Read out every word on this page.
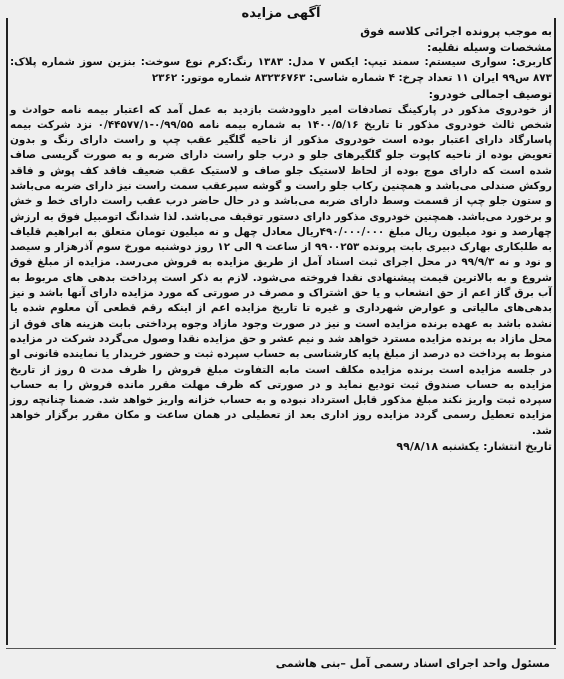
آگهی مزایده

به موجب پرونده اجرائی کلاسه فوق

مشخصات وسیله نقلیه:

کاربری: سواری سیستم: سمند تیپ: ایکس ۷ مدل: ۱۳۸۳ رنگ:کرم نوع سوخت: بنزین سوز شماره پلاک: ۸۷۳ س۹۹ ایران ۱۱ تعداد چرخ: ۴ شماره شاسی: ۸۳۲۳۶۷۶۳ شماره موتور: ۲۳۶۲

توصیف اجمالی خودرو:

از خودروی مذکور در پارکینگ تصادفات امیر داوودشت بازدید به عمل آمد که اعتبار بیمه نامه حوادث و شخص ثالث خودروی مذکور تا تاریخ ۱۴۰۰/۵/۱۶ به شماره بیمه نامه ۰/۹۹/۵۵-۰/۴۴۵۷۷/۱ نزد شرکت بیمه پاسارگاد دارای اعتبار بوده است خودروی مذکور از ناحیه گلگیر عقب چپ و راست دارای رنگ و بدون تعویض بوده از ناحیه کاپوت جلو گلگیرهای جلو و درب جلو راست دارای ضربه و به صورت گریسی صاف شده است که دارای موج بوده از لحاظ لاستیک جلو صاف و لاستیک عقب ضعیف فاقد کف پوش و فاقد روکش صندلی می‌باشد و همچنین رکاب جلو راست و گوشه سپرعقب سمت راست نیز دارای ضربه می‌باشد و ستون جلو چپ از قسمت وسط دارای ضربه می‌باشد و در حال حاضر درب عقب راست دارای خط و خش و برخورد می‌باشد. همچنین خودروی مذکور دارای دستور توقیف می‌باشد. لذا شدانگ اتومبیل فوق به ارزش چهارصد و نود میلیون ریال مبلغ ۴۹۰/۰۰۰/۰۰۰ریال معادل چهل و نه میلیون تومان متعلق به ابراهیم قلیاف به طلبکاری بهارک دبیری بابت پرونده ۹۹۰۰۲۵۳ از ساعت ۹ الی ۱۲ روز دوشنبه مورخ سوم آذرهزار و سیصد و نود و نه ۹۹/۹/۳ در محل اجرای ثبت اسناد آمل از طریق مزایده به فروش می‌رسد. مزایده از مبلغ فوق شروع و به بالاترین قیمت پیشنهادی نقدا فروخته می‌شود. لازم به ذکر است پرداخت بدهی های مربوط به آب برق گاز اعم از حق انشعاب و یا حق اشتراک و مصرف در صورتی که مورد مزایده دارای آنها باشد و نیز بدهی‌های مالیاتی و عوارض شهرداری و غیره تا تاریخ مزایده اعم از اینکه رقم قطعی آن معلوم شده یا نشده باشد به عهده برنده مزایده است و نیز در صورت وجود مازاد وجوه پرداختی بابت هزینه های فوق از محل مازاد به برنده مزایده مسترد خواهد شد و نیم عشر و حق مزایده نقدا وصول می‌گردد شرکت در مزایده منوط به پرداخت ده درصد از مبلغ پایه کارشناسی به حساب سپرده ثبت و حضور خریدار یا نماینده قانونی او در جلسه مزایده است برنده مزایده مکلف است مابه التفاوت مبلغ فروش را ظرف مدت ۵ روز از تاریخ مزایده به حساب صندوق ثبت تودیع نماید و در صورتی که ظرف مهلت مقرر مانده فروش را به حساب سپرده ثبت واریز نکند مبلغ مذکور قابل استرداد نبوده و به حساب خزانه واریز خواهد شد. ضمنا چنانچه روز مزایده تعطیل رسمی گردد مزایده روز اداری بعد از تعطیلی در همان ساعت و مکان مقرر برگزار خواهد شد.

تاریخ انتشار: یکشنبه ۹۹/۸/۱۸

مسئول واحد اجرای اسناد رسمی آمل –بنی هاشمی
